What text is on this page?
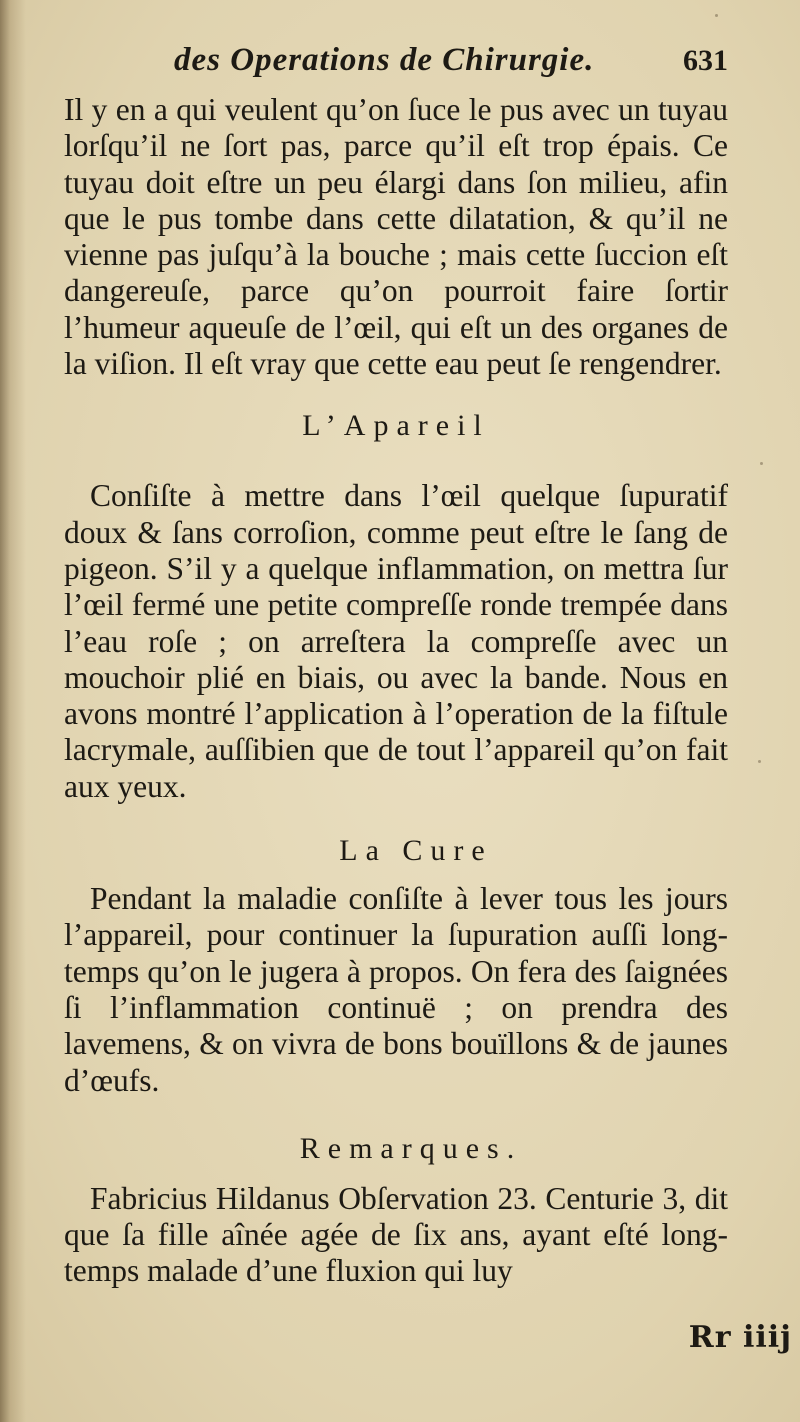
des Operations de Chirurgie.	631

Il y en a qui veulent qu’on ſuce le pus avec un tuyau lorſqu’il ne ſort pas, parce qu’il eſt trop épais. Ce tuyau doit eſtre un peu élargi dans ſon milieu, afin que le pus tombe dans cette dilatation, & qu’il ne vienne pas juſqu’à la bouche ; mais cette ſuccion eſt dangereuſe, parce qu’on pourroit faire ſortir l’humeur aqueuſe de l’œil, qui eſt un des organes de la viſion. Il eſt vray que cette eau peut ſe rengendrer.

L’Apareil

Conſiſte à mettre dans l’œil quelque ſupuratif doux & ſans corroſion, comme peut eſtre le ſang de pigeon. S’il y a quelque inflammation, on mettra ſur l’œil fermé une petite compreſſe ronde trempée dans l’eau roſe ; on arreſtera la compreſſe avec un mouchoir plié en biais, ou avec la bande. Nous en avons montré l’application à l’operation de la fiſtule lacrymale, auſſibien que de tout l’appareil qu’on fait aux yeux.

La Cure

Pendant la maladie conſiſte à lever tous les jours l’appareil, pour continuer la ſupuration auſſi long-temps qu’on le jugera à propos. On fera des ſaignées ſi l’inflammation continuë ; on prendra des lavemens, & on vivra de bons bouïllons & de jaunes d’œufs.

Remarques.

Fabricius Hildanus Obſervation 23. Centurie 3, dit que ſa fille aînée agée de ſix ans, ayant eſté long-temps malade d’une fluxion qui luy

Rr iiij
